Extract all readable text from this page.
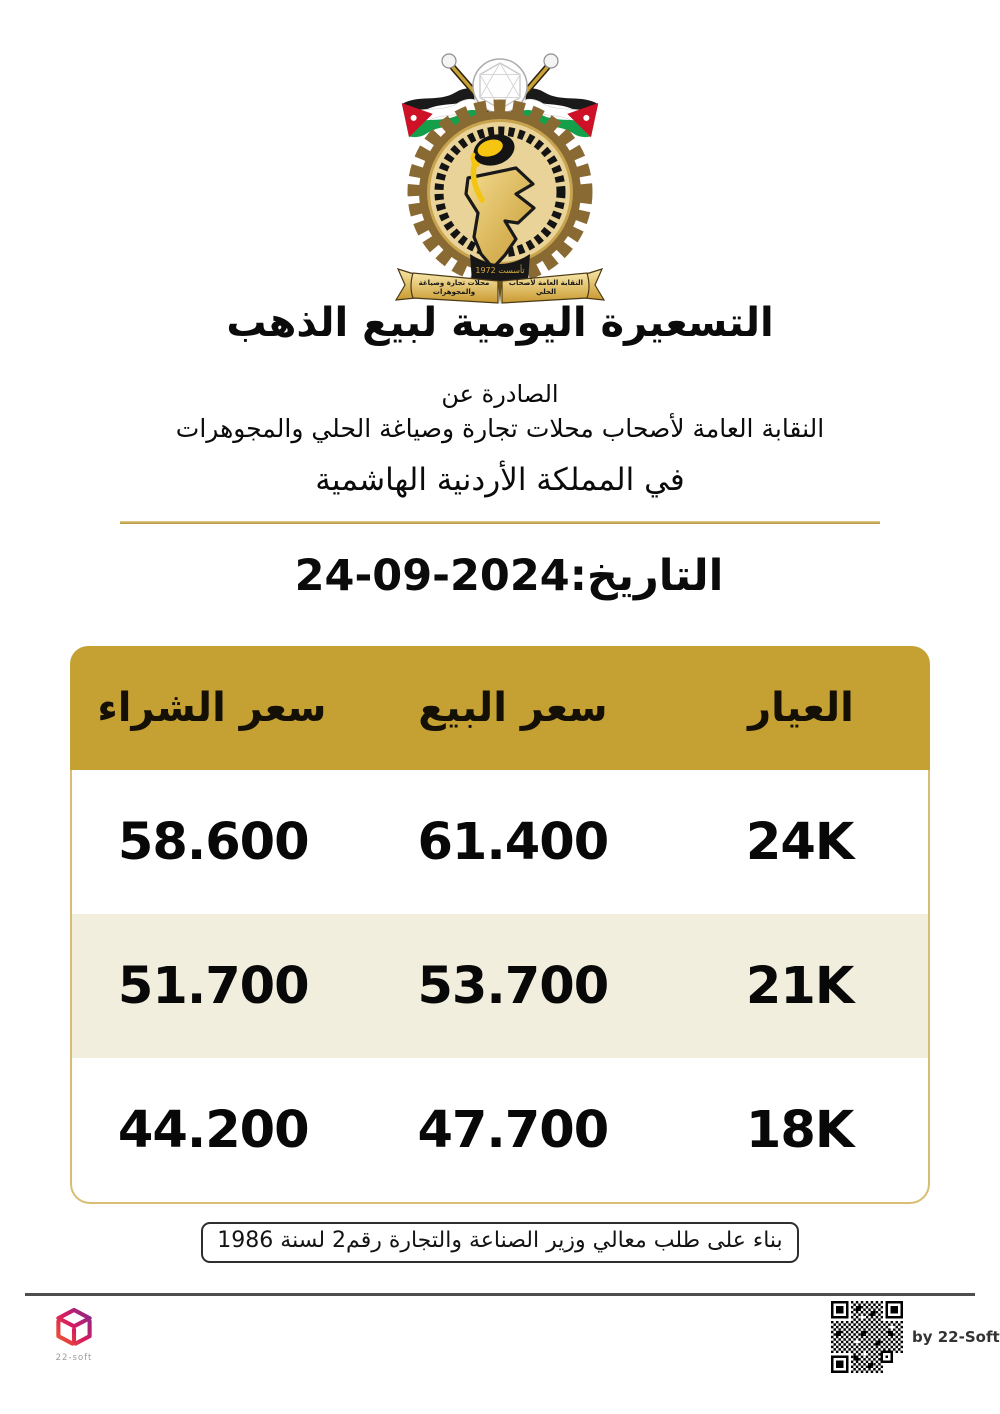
تأسست 1972
النقابة العامة لأصحاب
الحلي
محلات تجارة وصياغة
والمجوهرات
التسعيرة اليومية لبيع الذهب
الصادرة عن
النقابة العامة لأصحاب محلات تجارة وصياغة الحلي والمجوهرات
في المملكة الأردنية الهاشمية
التاريخ:24-09-2024
العيار
سعر البيع
سعر الشراء
24K
61.400
58.600
21K
53.700
51.700
18K
47.700
44.200
بناء على طلب معالي وزير الصناعة والتجارة رقم2 لسنة 1986
22-soft
by 22-Soft
